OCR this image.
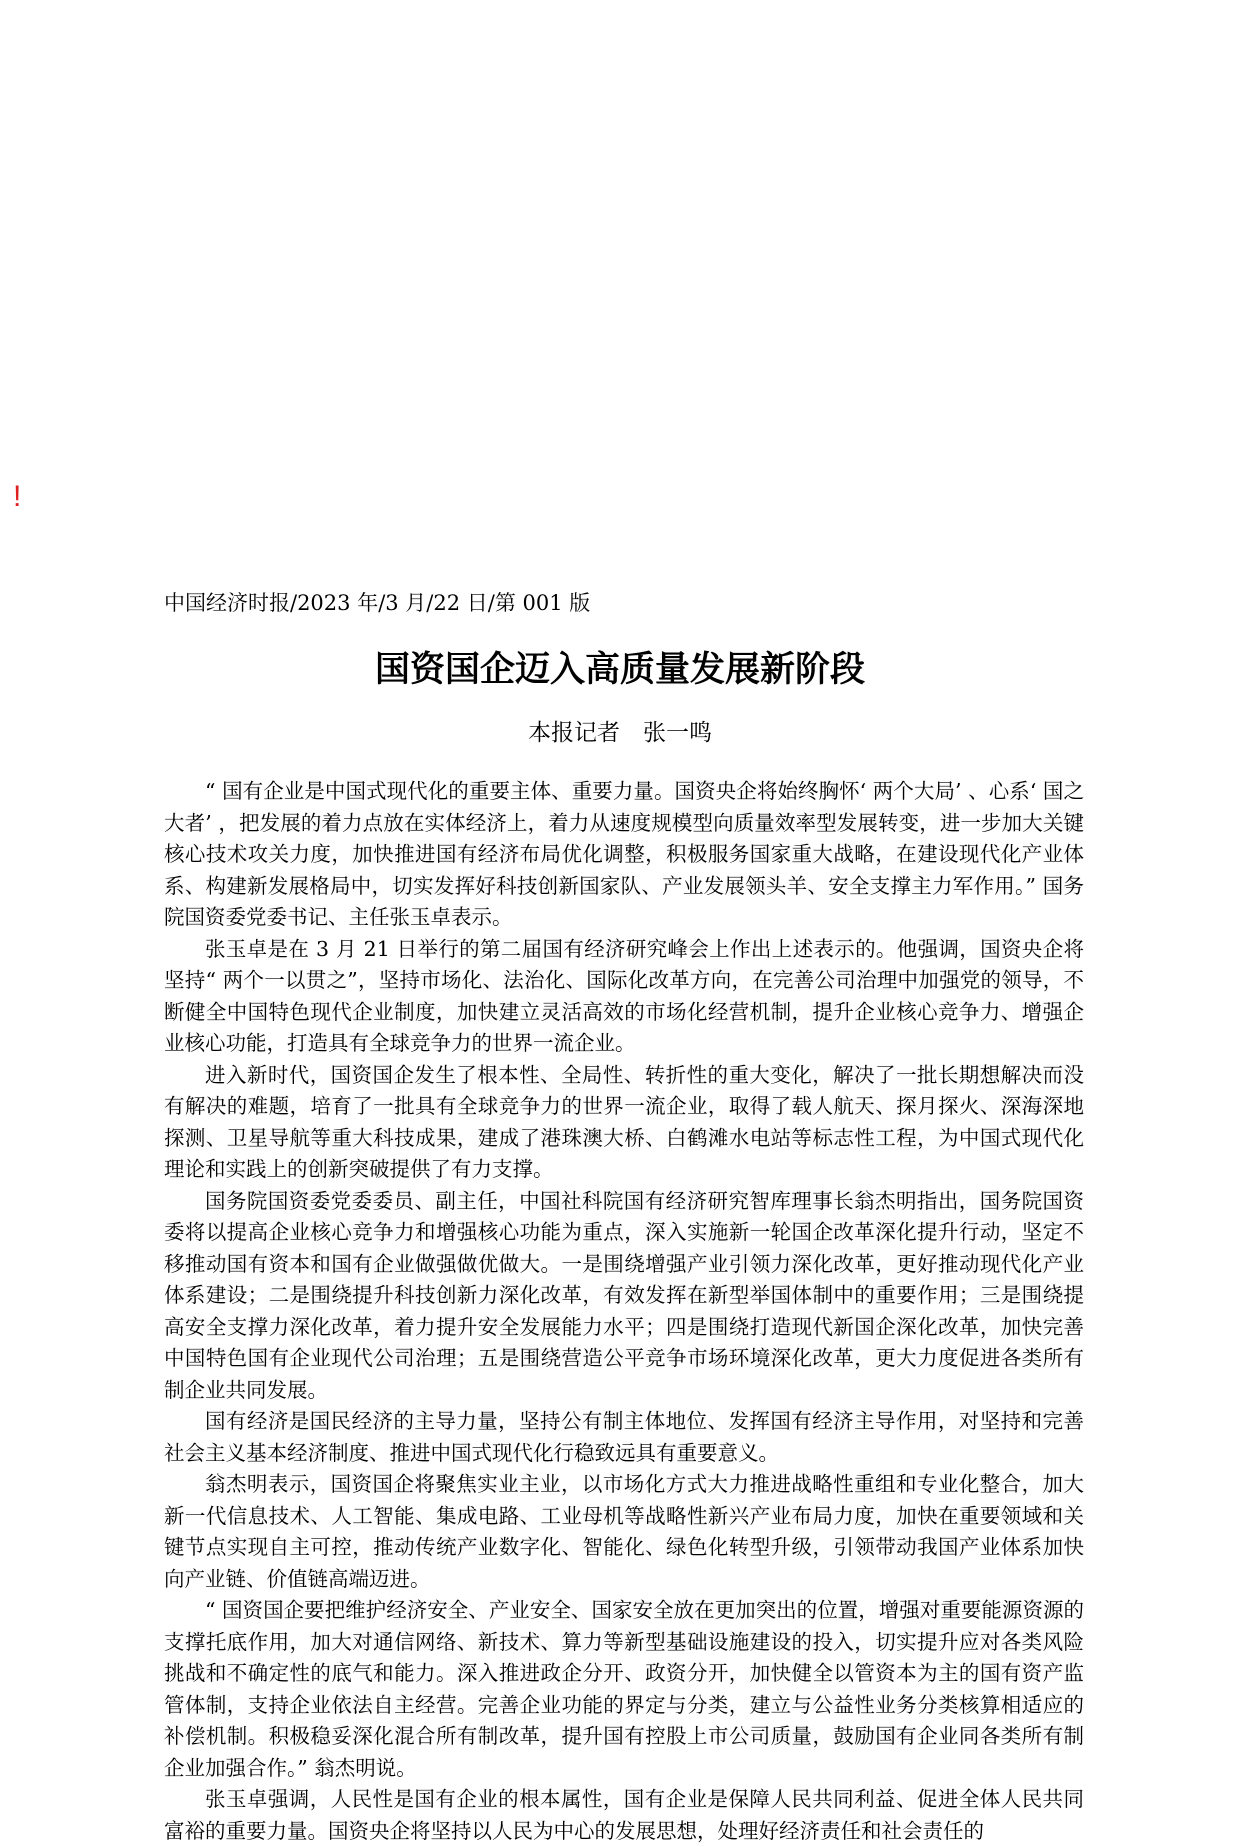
!
中国经济时报/2023 年/3 月/22 日/第 001 版
国资国企迈入高质量发展新阶段
本报记者　张一鸣

“ 国有企业是中国式现代化的重要主体、重要力量。国资央企将始终胸怀‘ 两个大局’ 、心系‘ 国之大者’ ，把发展的着力点放在实体经济上，着力从速度规模型向质量效率型发展转变，进一步加大关键核心技术攻关力度，加快推进国有经济布局优化调整，积极服务国家重大战略，在建设现代化产业体系、构建新发展格局中，切实发挥好科技创新国家队、产业发展领头羊、安全支撑主力军作用。” 国务院国资委党委书记、主任张玉卓表示。

张玉卓是在 3 月 21 日举行的第二届国有经济研究峰会上作出上述表示的。他强调，国资央企将坚持“ 两个一以贯之”，坚持市场化、法治化、国际化改革方向，在完善公司治理中加强党的领导，不断健全中国特色现代企业制度，加快建立灵活高效的市场化经营机制，提升企业核心竞争力、增强企业核心功能，打造具有全球竞争力的世界一流企业。

进入新时代，国资国企发生了根本性、全局性、转折性的重大变化，解决了一批长期想解决而没有解决的难题，培育了一批具有全球竞争力的世界一流企业，取得了载人航天、探月探火、深海深地探测、卫星导航等重大科技成果，建成了港珠澳大桥、白鹤滩水电站等标志性工程，为中国式现代化理论和实践上的创新突破提供了有力支撑。

国务院国资委党委委员、副主任，中国社科院国有经济研究智库理事长翁杰明指出，国务院国资委将以提高企业核心竞争力和增强核心功能为重点，深入实施新一轮国企改革深化提升行动，坚定不移推动国有资本和国有企业做强做优做大。一是围绕增强产业引领力深化改革，更好推动现代化产业体系建设；二是围绕提升科技创新力深化改革，有效发挥在新型举国体制中的重要作用；三是围绕提高安全支撑力深化改革，着力提升安全发展能力水平；四是围绕打造现代新国企深化改革，加快完善中国特色国有企业现代公司治理；五是围绕营造公平竞争市场环境深化改革，更大力度促进各类所有制企业共同发展。

国有经济是国民经济的主导力量，坚持公有制主体地位、发挥国有经济主导作用，对坚持和完善社会主义基本经济制度、推进中国式现代化行稳致远具有重要意义。

翁杰明表示，国资国企将聚焦实业主业，以市场化方式大力推进战略性重组和专业化整合，加大新一代信息技术、人工智能、集成电路、工业母机等战略性新兴产业布局力度，加快在重要领域和关键节点实现自主可控，推动传统产业数字化、智能化、绿色化转型升级，引领带动我国产业体系加快向产业链、价值链高端迈进。

“ 国资国企要把维护经济安全、产业安全、国家安全放在更加突出的位置，增强对重要能源资源的支撑托底作用，加大对通信网络、新技术、算力等新型基础设施建设的投入，切实提升应对各类风险挑战和不确定性的底气和能力。深入推进政企分开、政资分开，加快健全以管资本为主的国有资产监管体制，支持企业依法自主经营。完善企业功能的界定与分类，建立与公益性业务分类核算相适应的补偿机制。积极稳妥深化混合所有制改革，提升国有控股上市公司质量，鼓励国有企业同各类所有制企业加强合作。” 翁杰明说。

张玉卓强调，人民性是国有企业的根本属性，国有企业是保障人民共同利益、促进全体人民共同富裕的重要力量。国资央企将坚持以人民为中心的发展思想，处理好经济责任和社会责任的
